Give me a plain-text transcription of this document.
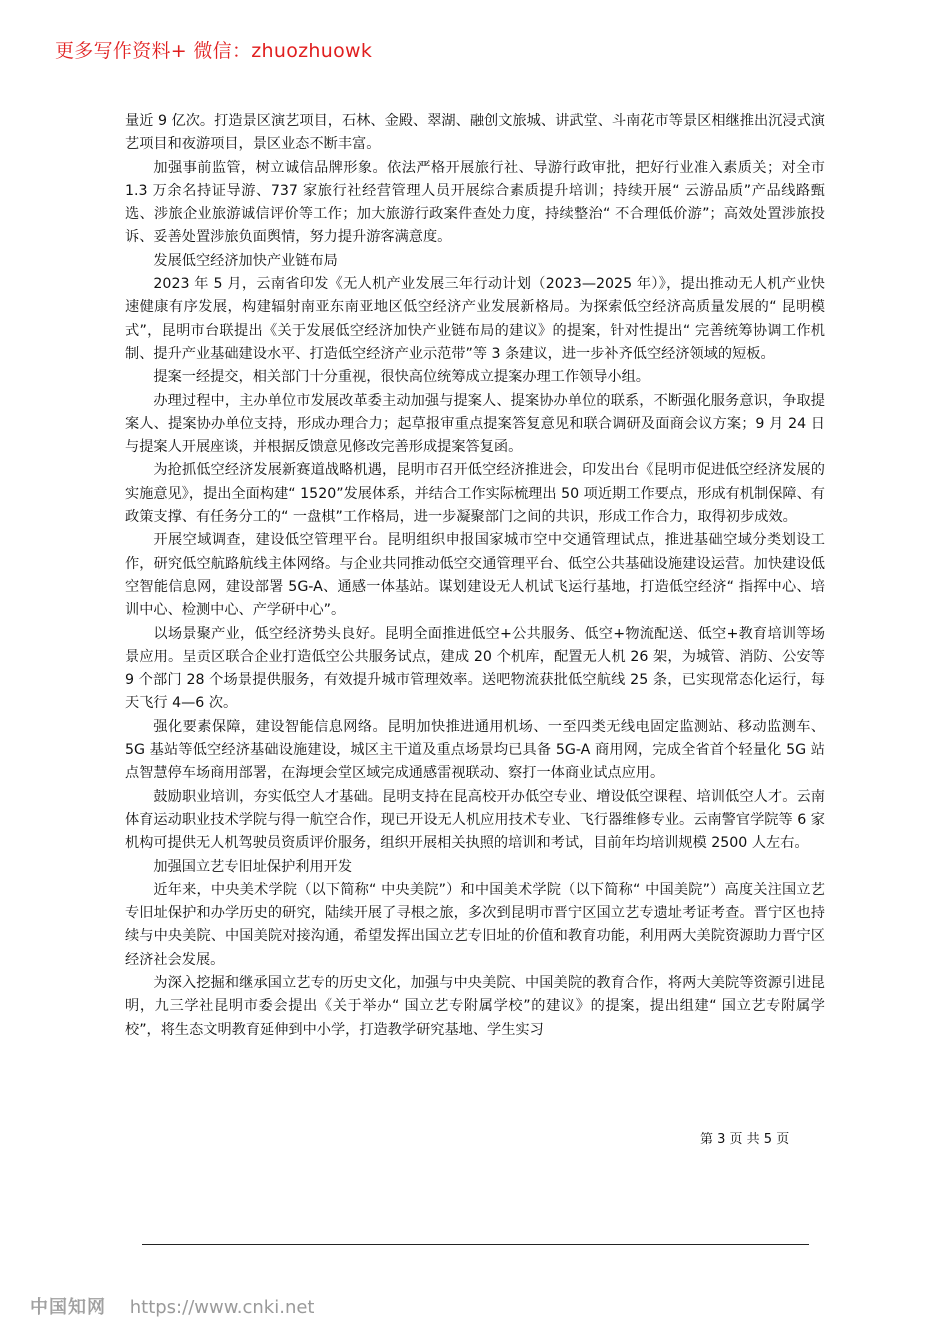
更多写作资料+ 微信：zhuozhuowk

量近 9 亿次。打造景区演艺项目，石林、金殿、翠湖、融创文旅城、讲武堂、斗南花市等景区相继推出沉浸式演艺项目和夜游项目，景区业态不断丰富。

加强事前监管，树立诚信品牌形象。依法严格开展旅行社、导游行政审批，把好行业准入素质关；对全市 1.3 万余名持证导游、737 家旅行社经营管理人员开展综合素质提升培训；持续开展“ 云游品质”产品线路甄选、涉旅企业旅游诚信评价等工作；加大旅游行政案件查处力度，持续整治“ 不合理低价游”；高效处置涉旅投诉、妥善处置涉旅负面舆情，努力提升游客满意度。

发展低空经济加快产业链布局

2023 年 5 月，云南省印发《无人机产业发展三年行动计划（2023—2025 年）》，提出推动无人机产业快速健康有序发展，构建辐射南亚东南亚地区低空经济产业发展新格局。为探索低空经济高质量发展的“ 昆明模式”，昆明市台联提出《关于发展低空经济加快产业链布局的建议》的提案，针对性提出“ 完善统筹协调工作机制、提升产业基础建设水平、打造低空经济产业示范带”等 3 条建议，进一步补齐低空经济领域的短板。

提案一经提交，相关部门十分重视，很快高位统筹成立提案办理工作领导小组。

办理过程中，主办单位市发展改革委主动加强与提案人、提案协办单位的联系，不断强化服务意识，争取提案人、提案协办单位支持，形成办理合力；起草报审重点提案答复意见和联合调研及面商会议方案；9 月 24 日与提案人开展座谈，并根据反馈意见修改完善形成提案答复函。

为抢抓低空经济发展新赛道战略机遇，昆明市召开低空经济推进会，印发出台《昆明市促进低空经济发展的实施意见》，提出全面构建“ 1520”发展体系，并结合工作实际梳理出 50 项近期工作要点，形成有机制保障、有政策支撑、有任务分工的“ 一盘棋”工作格局，进一步凝聚部门之间的共识，形成工作合力，取得初步成效。

开展空域调查，建设低空管理平台。昆明组织申报国家城市空中交通管理试点，推进基础空域分类划设工作，研究低空航路航线主体网络。与企业共同推动低空交通管理平台、低空公共基础设施建设运营。加快建设低空智能信息网，建设部署 5G-A、通感一体基站。谋划建设无人机试飞运行基地，打造低空经济“ 指挥中心、培训中心、检测中心、产学研中心”。

以场景聚产业，低空经济势头良好。昆明全面推进低空+公共服务、低空+物流配送、低空+教育培训等场景应用。呈贡区联合企业打造低空公共服务试点，建成 20 个机库，配置无人机 26 架，为城管、消防、公安等 9 个部门 28 个场景提供服务，有效提升城市管理效率。送吧物流获批低空航线 25 条，已实现常态化运行，每天飞行 4—6 次。

强化要素保障，建设智能信息网络。昆明加快推进通用机场、一至四类无线电固定监测站、移动监测车、5G 基站等低空经济基础设施建设，城区主干道及重点场景均已具备 5G-A 商用网，完成全省首个轻量化 5G 站点智慧停车场商用部署，在海埂会堂区域完成通感雷视联动、察打一体商业试点应用。

鼓励职业培训，夯实低空人才基础。昆明支持在昆高校开办低空专业、增设低空课程、培训低空人才。云南体育运动职业技术学院与得一航空合作，现已开设无人机应用技术专业、飞行器维修专业。云南警官学院等 6 家机构可提供无人机驾驶员资质评价服务，组织开展相关执照的培训和考试，目前年均培训规模 2500 人左右。

加强国立艺专旧址保护利用开发

近年来，中央美术学院（以下简称“ 中央美院”）和中国美术学院（以下简称“ 中国美院”）高度关注国立艺专旧址保护和办学历史的研究，陆续开展了寻根之旅，多次到昆明市晋宁区国立艺专遗址考证考查。晋宁区也持续与中央美院、中国美院对接沟通，希望发挥出国立艺专旧址的价值和教育功能，利用两大美院资源助力晋宁区经济社会发展。

为深入挖掘和继承国立艺专的历史文化，加强与中央美院、中国美院的教育合作，将两大美院等资源引进昆明，九三学社昆明市委会提出《关于举办“ 国立艺专附属学校”的建议》的提案，提出组建“ 国立艺专附属学校”，将生态文明教育延伸到中小学，打造教学研究基地、学生实习

第 3 页 共 5 页
中国知网 https://www.cnki.net
